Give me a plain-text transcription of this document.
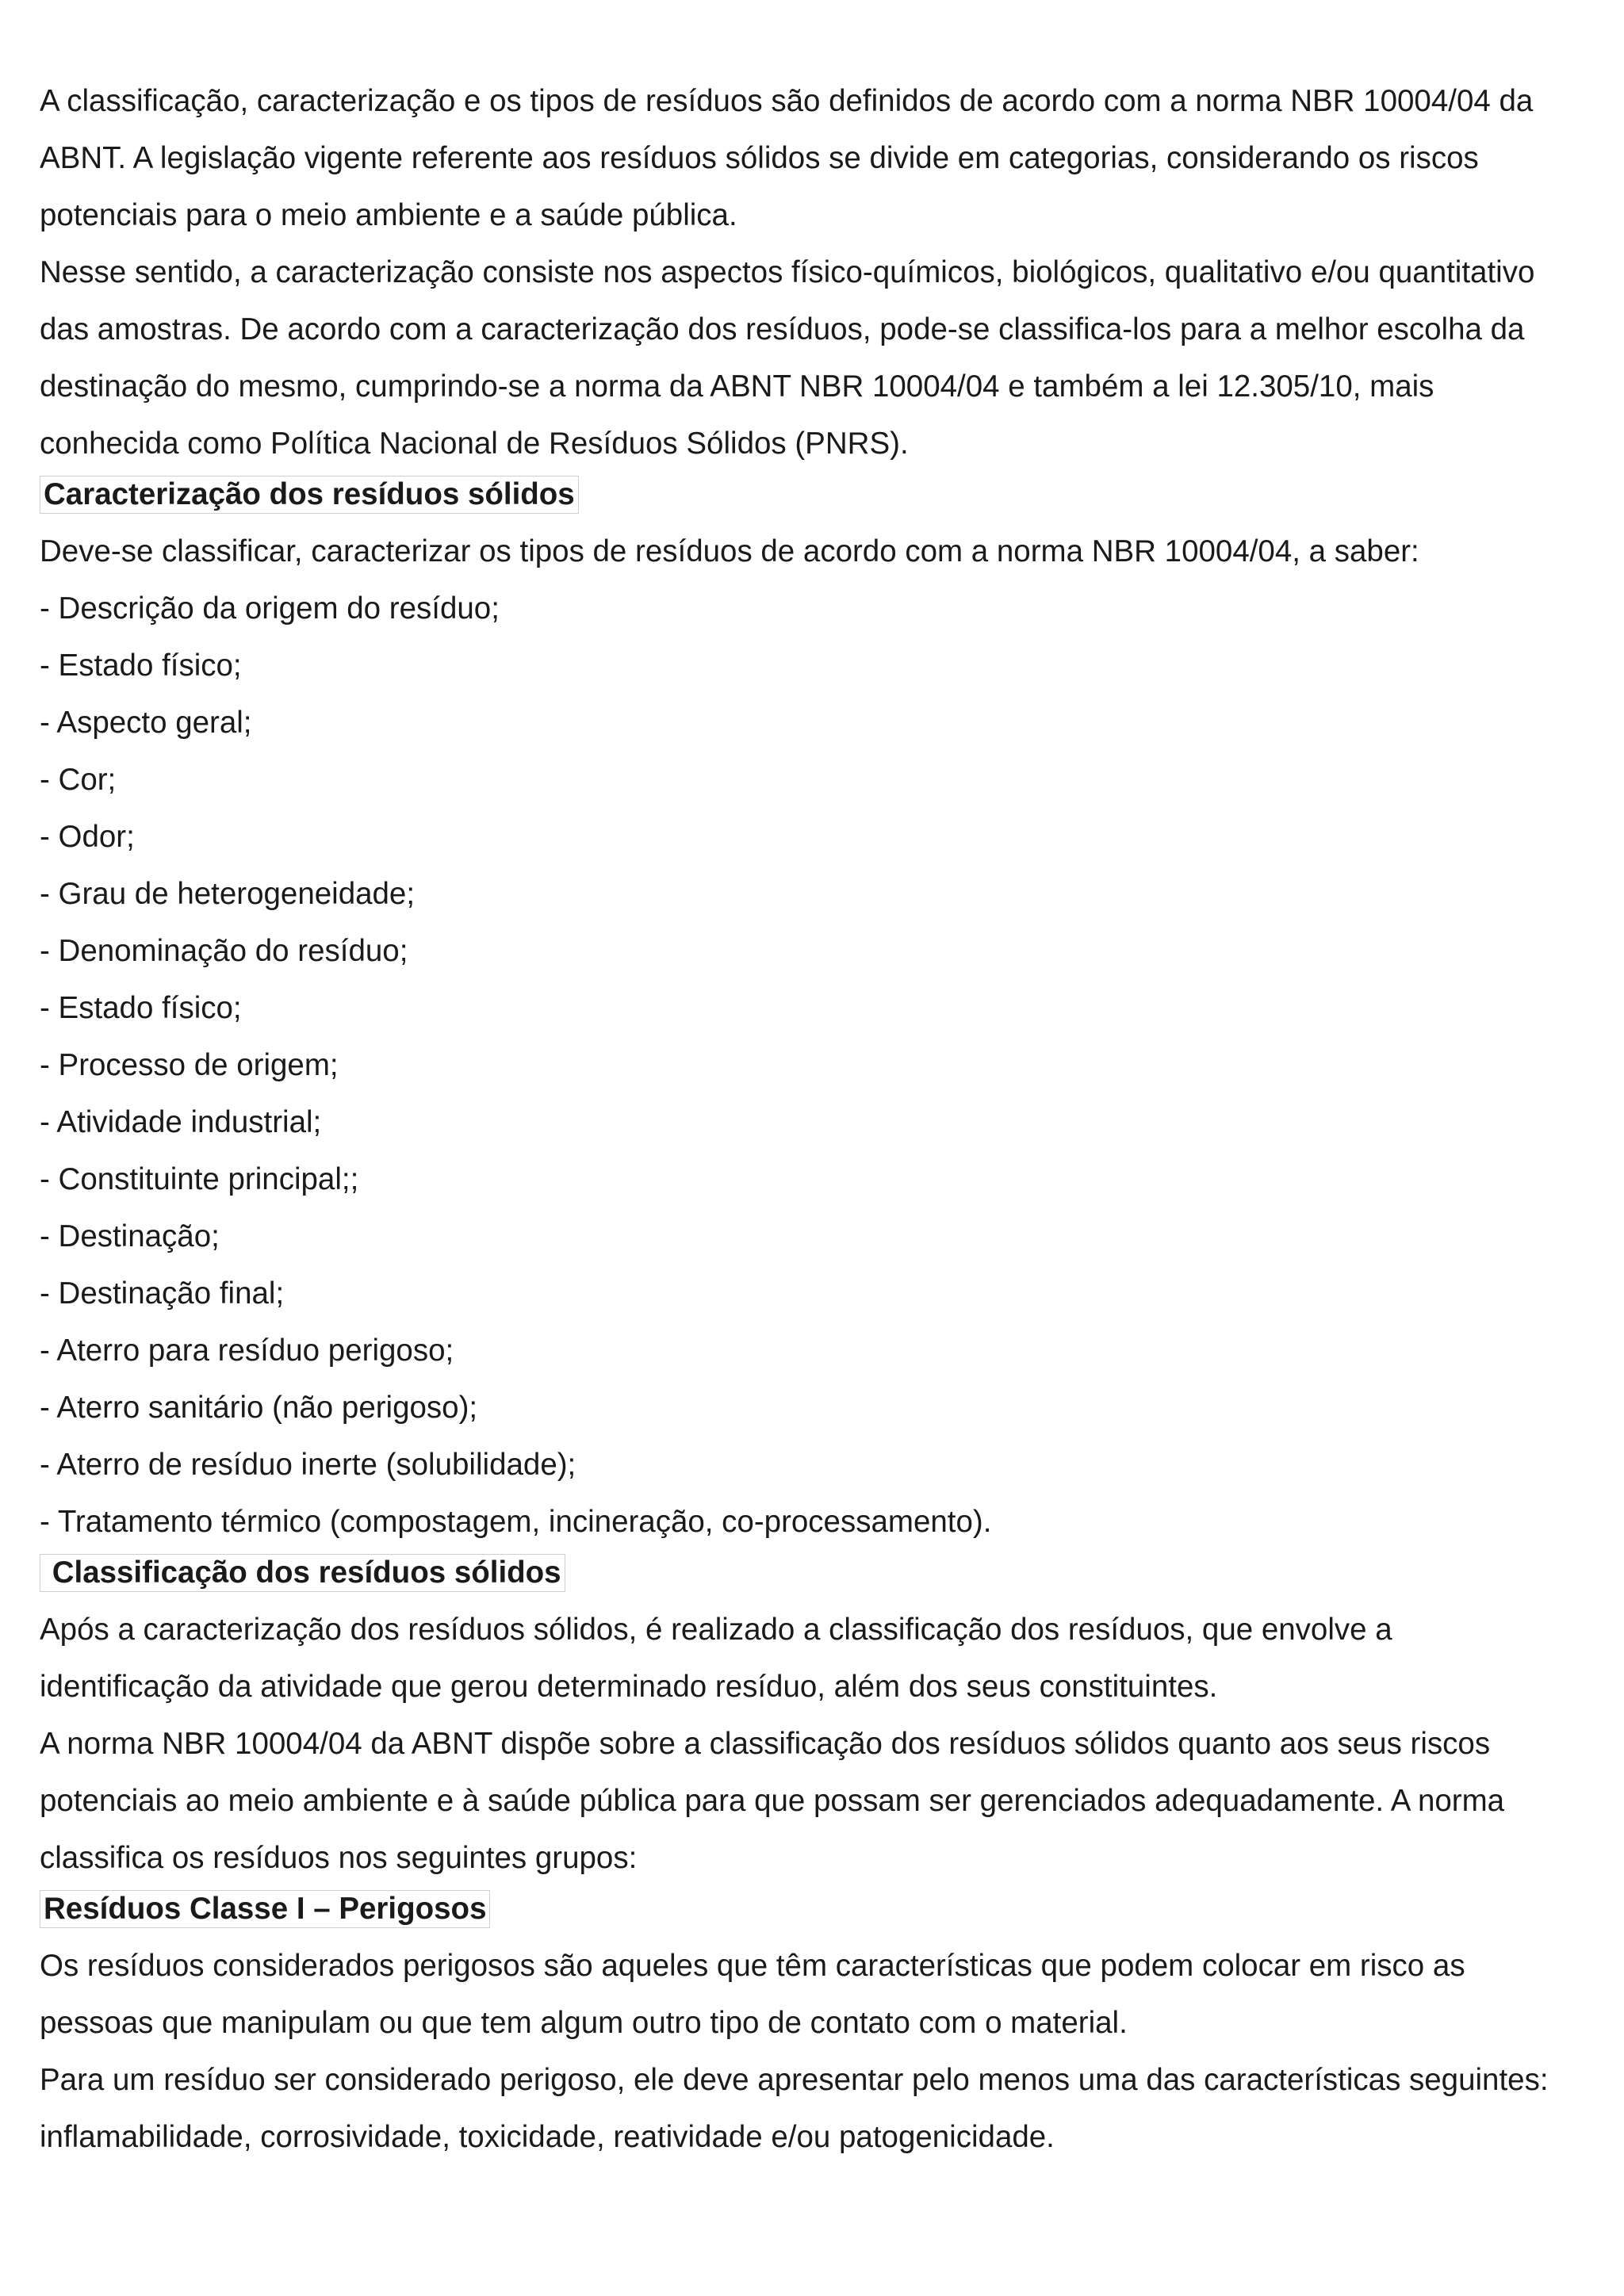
A classificação, caracterização e os tipos de resíduos são definidos de acordo com a norma NBR 10004/04 da ABNT. A legislação vigente referente aos resíduos sólidos se divide em categorias, considerando os riscos potenciais para o meio ambiente e a saúde pública.

Nesse sentido, a caracterização consiste nos aspectos físico-químicos, biológicos, qualitativo e/ou quantitativo das amostras. De acordo com a caracterização dos resíduos, pode-se classifica-los para a melhor escolha da destinação do mesmo, cumprindo-se a norma da ABNT NBR 10004/04 e também a lei 12.305/10, mais conhecida como Política Nacional de Resíduos Sólidos (PNRS).

Caracterização dos resíduos sólidos

Deve-se classificar, caracterizar os tipos de resíduos de acordo com a norma NBR 10004/04, a saber:

- Descrição da origem do resíduo;
- Estado físico;
- Aspecto geral;
- Cor;
- Odor;
- Grau de heterogeneidade;
- Denominação do resíduo;
- Estado físico;
- Processo de origem;
- Atividade industrial;
- Constituinte principal;;
- Destinação;
- Destinação final;
- Aterro para resíduo perigoso;
- Aterro sanitário (não perigoso);
- Aterro de resíduo inerte (solubilidade);
- Tratamento térmico (compostagem, incineração, co-processamento).
Classificação dos resíduos sólidos

Após a caracterização dos resíduos sólidos, é realizado a classificação dos resíduos, que envolve a identificação da atividade que gerou determinado resíduo, além dos seus constituintes.

A norma NBR 10004/04 da ABNT dispõe sobre a classificação dos resíduos sólidos quanto aos seus riscos potenciais ao meio ambiente e à saúde pública para que possam ser gerenciados adequadamente. A norma classifica os resíduos nos seguintes grupos:

Resíduos Classe I – Perigosos

Os resíduos considerados perigosos são aqueles que têm características que podem colocar em risco as pessoas que manipulam ou que tem algum outro tipo de contato com o material.

Para um resíduo ser considerado perigoso, ele deve apresentar pelo menos uma das características seguintes: inflamabilidade, corrosividade, toxicidade, reatividade e/ou patogenicidade.
